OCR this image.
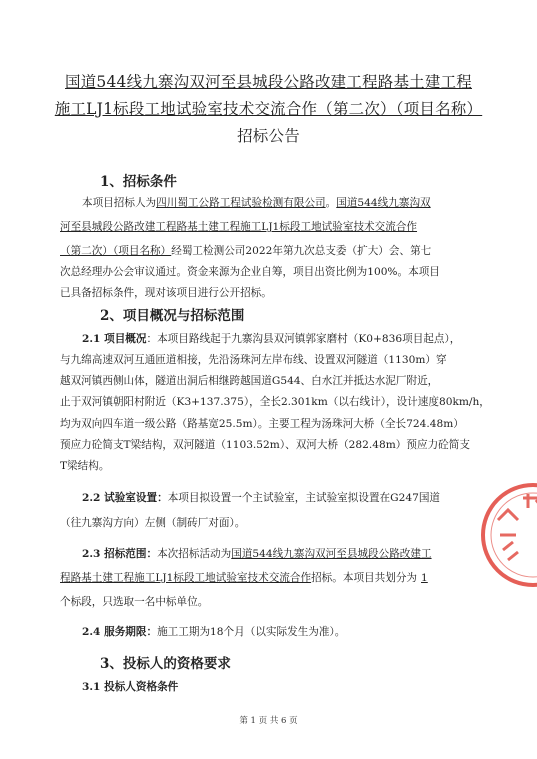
国道544线九寨沟双河至县城段公路改建工程路基土建工程
施工LJ1标段工地试验室技术交流合作（第二次）（项目名称）
招标公告
1、招标条件
本项目招标人为四川蜀工公路工程试验检测有限公司。国道544线九寨沟双
河至县城段公路改建工程路基土建工程施工LJ1标段工地试验室技术交流合作
（第二次）（项目名称）经蜀工检测公司2022年第九次总支委（扩大）会、第七
次总经理办公会审议通过。资金来源为企业自筹，项目出资比例为100%。本项目
已具备招标条件，现对该项目进行公开招标。
2、项目概况与招标范围
2.1 项目概况：本项目路线起于九寨沟县双河镇郭家磨村（K0+836项目起点），
与九绵高速双河互通匝道相接，先沿汤珠河左岸布线、设置双河隧道（1130m）穿
越双河镇西侧山体，隧道出洞后相继跨越国道G544、白水江并抵达水泥厂附近，
止于双河镇朝阳村附近（K3+137.375），全长2.301km（以右线计），设计速度80km/h，
均为双向四车道一级公路（路基宽25.5m）。主要工程为汤珠河大桥（全长724.48m）
预应力砼简支T梁结构，双河隧道（1103.52m）、双河大桥（282.48m）预应力砼简支
T梁结构。
2.2 试验室设置：本项目拟设置一个主试验室，主试验室拟设置在G247国道
（往九寨沟方向）左侧（制砖厂对面）。
2.3 招标范围：本次招标活动为国道544线九寨沟双河至县城段公路改建工
程路基土建工程施工LJ1标段工地试验室技术交流合作招标。本项目共划分为 1
个标段，只选取一名中标单位。
2.4 服务期限：施工工期为18个月（以实际发生为准）。
3、投标人的资格要求
3.1 投标人资格条件
第 1 页 共 6 页
